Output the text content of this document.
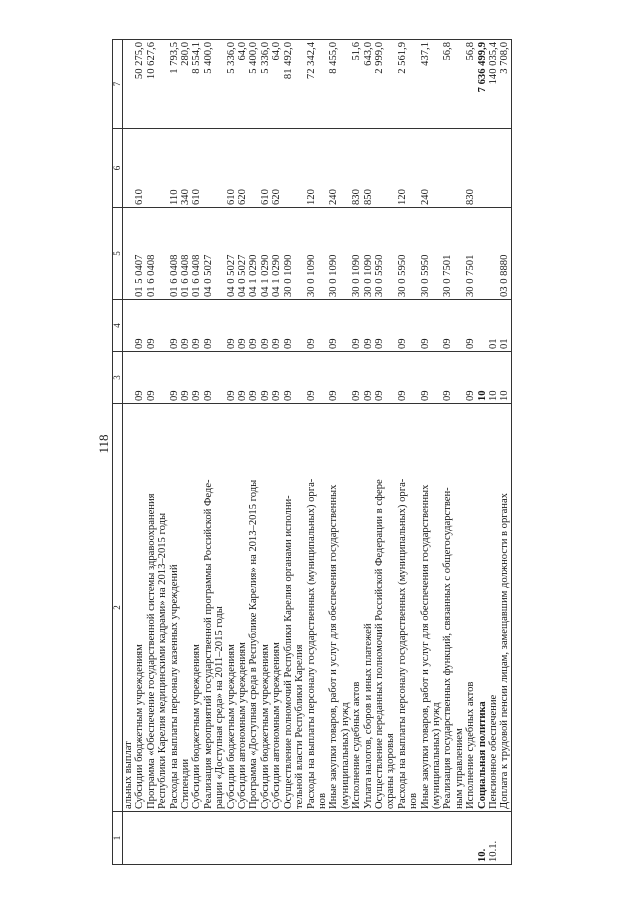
118
1	2	3	4	5	6	7
	альных выплат					
	Субсидии бюджетным учреждениям	09	09	01 5 0407	610	50 275,0
	Программа «Обеспечение государственной системы здравоохранения	09	09	01 6 0408		10 627,6
	Республики Карелия медицинскими кадрами» на 2013–2015 годы					
	Расходы на выплаты персоналу казенных учреждений	09	09	01 6 0408	110	1 793,5
	Стипендии	09	09	01 6 0408	340	280,0
	Субсидии бюджетным учреждениям	09	09	01 6 0408	610	8 554,1
	Реализация мероприятий государственной программы Российской Феде-	09	09	04 0 5027		5 400,0
	рации «Доступная среда» на 2011–2015 годы					
	Субсидии бюджетным учреждениям	09	09	04 0 5027	610	5 336,0
	Субсидии автономным учреждениям	09	09	04 0 5027	620	64,0
	Программа «Доступная среда в Республике Карелия» на 2013–2015 годы	09	09	04 1 0290		5 400,0
	Субсидии бюджетным учреждениям	09	09	04 1 0290	610	5 336,0
	Субсидии автономным учреждениям	09	09	04 1 0290	620	64,0
	Осуществление полномочий Республики Карелия органами исполни-	09	09	30 0 1090		81 492,0
	тельной власти Республики Карелия					
	Расходы на выплаты персоналу государственных (муниципальных) орга-	09	09	30 0 1090	120	72 342,4
	нов					
	Иные закупки товаров, работ и услуг для обеспечения государственных	09	09	30 0 1090	240	8 455,0
	(муниципальных) нужд					
	Исполнение судебных актов	09	09	30 0 1090	830	51,6
	Уплата налогов, сборов и иных платежей	09	09	30 0 1090	850	643,0
	Осуществление переданных полномочий Российской Федерации в сфере	09	09	30 0 5950		2 999,0
	охраны здоровья					
	Расходы на выплаты персоналу государственных (муниципальных) орга-	09	09	30 0 5950	120	2 561,9
	нов					
	Иные закупки товаров, работ и услуг для обеспечения государственных	09	09	30 0 5950	240	437,1
	(муниципальных) нужд					
	Реализация государственных функций, связанных с общегосударствен-	09	09	30 0 7501		56,8
	ным управлением					
	Исполнение судебных актов	09	09	30 0 7501	830	56,8
10.	Социальная политика	10				7 636 499,9
10.1.	Пенсионное обеспечение	10	01			140 035,4
	Доплата к трудовой пенсии лицам, замещавшим должности в органах	10	01	03 0 8880		3 708,0
